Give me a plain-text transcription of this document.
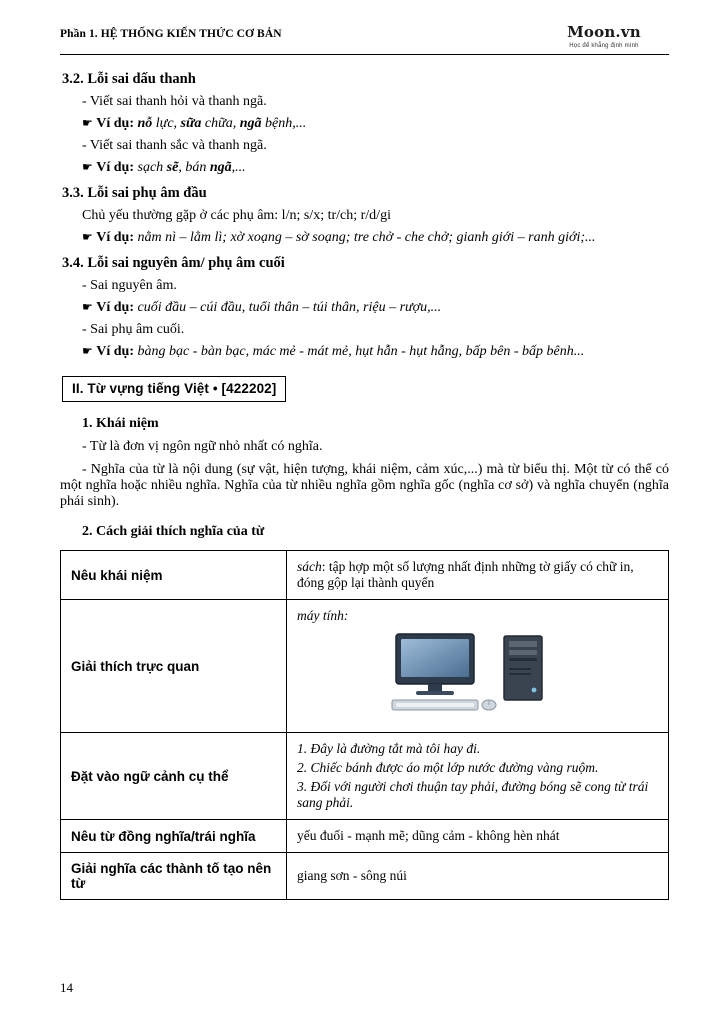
Phần 1. HỆ THỐNG KIẾN THỨC CƠ BẢN	Moon.vn
Học để khẳng định mình
3.2. Lỗi sai dấu thanh
- Viết sai thanh hỏi và thanh ngã.
☛ Ví dụ: nỗ lực, sữa chữa, ngã bệnh,...
- Viết sai thanh sắc và thanh ngã.
☛ Ví dụ: sạch sẽ, bán ngã,...
3.3. Lỗi sai phụ âm đầu
Chủ yếu thường gặp ở các phụ âm: l/n; s/x; tr/ch; r/d/gi
☛ Ví dụ: nằm nì – lằm lì; xờ xoạng – sờ soạng; tre chở - che chở; gianh giới – ranh giới;...
3.4. Lỗi sai nguyên âm/ phụ âm cuối
- Sai nguyên âm.
☛ Ví dụ: cuối đầu – cúi đầu, tuổi thân – túi thân, riệu – rượu,...
- Sai phụ âm cuối.
☛ Ví dụ: bàng bạc - bàn bạc, mác mẻ - mát mẻ, hụt hẫn - hụt hẫng, bấp bên - bấp bênh...
II. Từ vựng tiếng Việt • [422202]
1. Khái niệm
- Từ là đơn vị ngôn ngữ nhỏ nhất có nghĩa.
- Nghĩa của từ là nội dung (sự vật, hiện tượng, khái niệm, cảm xúc,...) mà từ biểu thị. Một từ có thể có một nghĩa hoặc nhiều nghĩa. Nghĩa của từ nhiều nghĩa gồm nghĩa gốc (nghĩa cơ sở) và nghĩa chuyển (nghĩa phái sinh).
2. Cách giải thích nghĩa của từ
Nêu khái niệm	sách: tập hợp một số lượng nhất định những tờ giấy có chữ in, đóng gộp lại thành quyển
Giải thích trực quan	máy tính:

Đặt vào ngữ cảnh cụ thể	1. Đây là đường tắt mà tôi hay đi.

2. Chiếc bánh được áo một lớp nước đường vàng ruộm.

3. Đối với người chơi thuận tay phải, đường bóng sẽ cong từ trái sang phải.

Nêu từ đồng nghĩa/trái nghĩa	yếu đuối - mạnh mẽ; dũng cảm - không hèn nhát
Giải nghĩa các thành tố tạo nên từ	giang sơn - sông núi
14
